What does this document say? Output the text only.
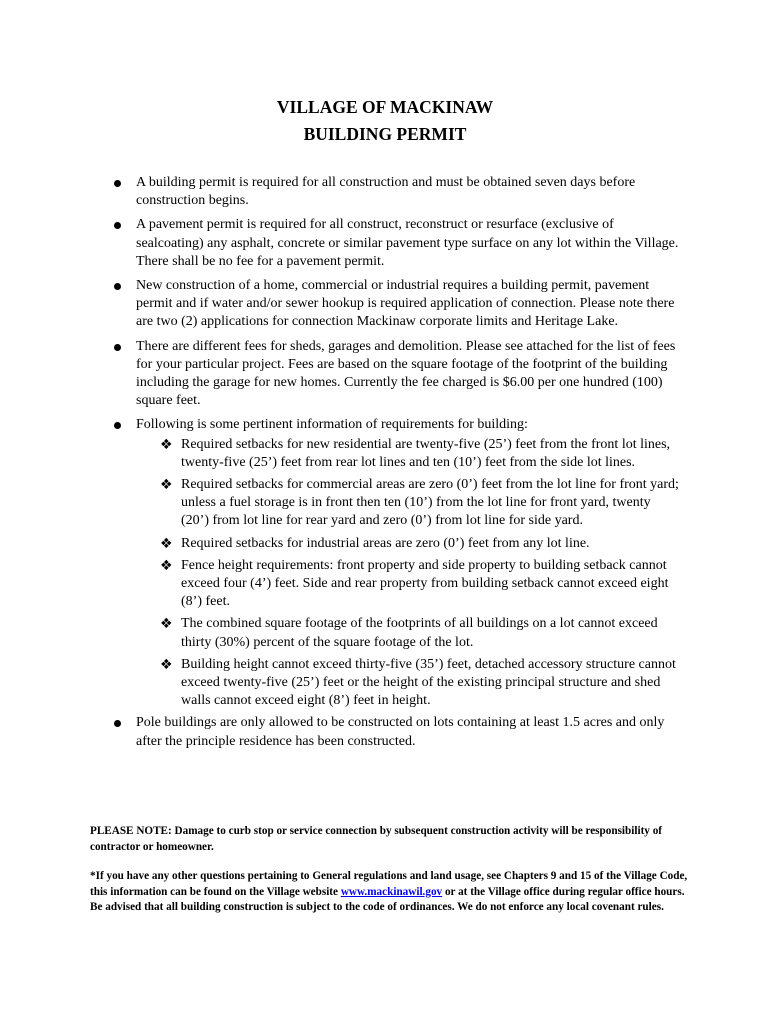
VILLAGE OF MACKINAW
BUILDING PERMIT
A building permit is required for all construction and must be obtained seven days before construction begins.
A pavement permit is required for all construct, reconstruct or resurface (exclusive of sealcoating) any asphalt, concrete or similar pavement type surface on any lot within the Village. There shall be no fee for a pavement permit.
New construction of a home, commercial or industrial requires a building permit, pavement permit and if water and/or sewer hookup is required application of connection. Please note there are two (2) applications for connection Mackinaw corporate limits and Heritage Lake.
There are different fees for sheds, garages and demolition. Please see attached for the list of fees for your particular project. Fees are based on the square footage of the footprint of the building including the garage for new homes. Currently the fee charged is $6.00 per one hundred (100) square feet.
Following is some pertinent information of requirements for building:
❖ Required setbacks for new residential are twenty-five (25’) feet from the front lot lines, twenty-five (25’) feet from rear lot lines and ten (10’) feet from the side lot lines.
❖ Required setbacks for commercial areas are zero (0’) feet from the lot line for front yard; unless a fuel storage is in front then ten (10’) from the lot line for front yard, twenty (20’) from lot line for rear yard and zero (0’) from lot line for side yard.
❖ Required setbacks for industrial areas are zero (0’) feet from any lot line.
❖ Fence height requirements: front property and side property to building setback cannot exceed four (4’) feet. Side and rear property from building setback cannot exceed eight (8’) feet.
❖ The combined square footage of the footprints of all buildings on a lot cannot exceed thirty (30%) percent of the square footage of the lot.
❖ Building height cannot exceed thirty-five (35’) feet, detached accessory structure cannot exceed twenty-five (25’) feet or the height of the existing principal structure and shed walls cannot exceed eight (8’) feet in height.
Pole buildings are only allowed to be constructed on lots containing at least 1.5 acres and only after the principle residence has been constructed.
PLEASE NOTE: Damage to curb stop or service connection by subsequent construction activity will be responsibility of contractor or homeowner.
*If you have any other questions pertaining to General regulations and land usage, see Chapters 9 and 15 of the Village Code, this information can be found on the Village website www.mackinawil.gov or at the Village office during regular office hours. Be advised that all building construction is subject to the code of ordinances. We do not enforce any local covenant rules.
